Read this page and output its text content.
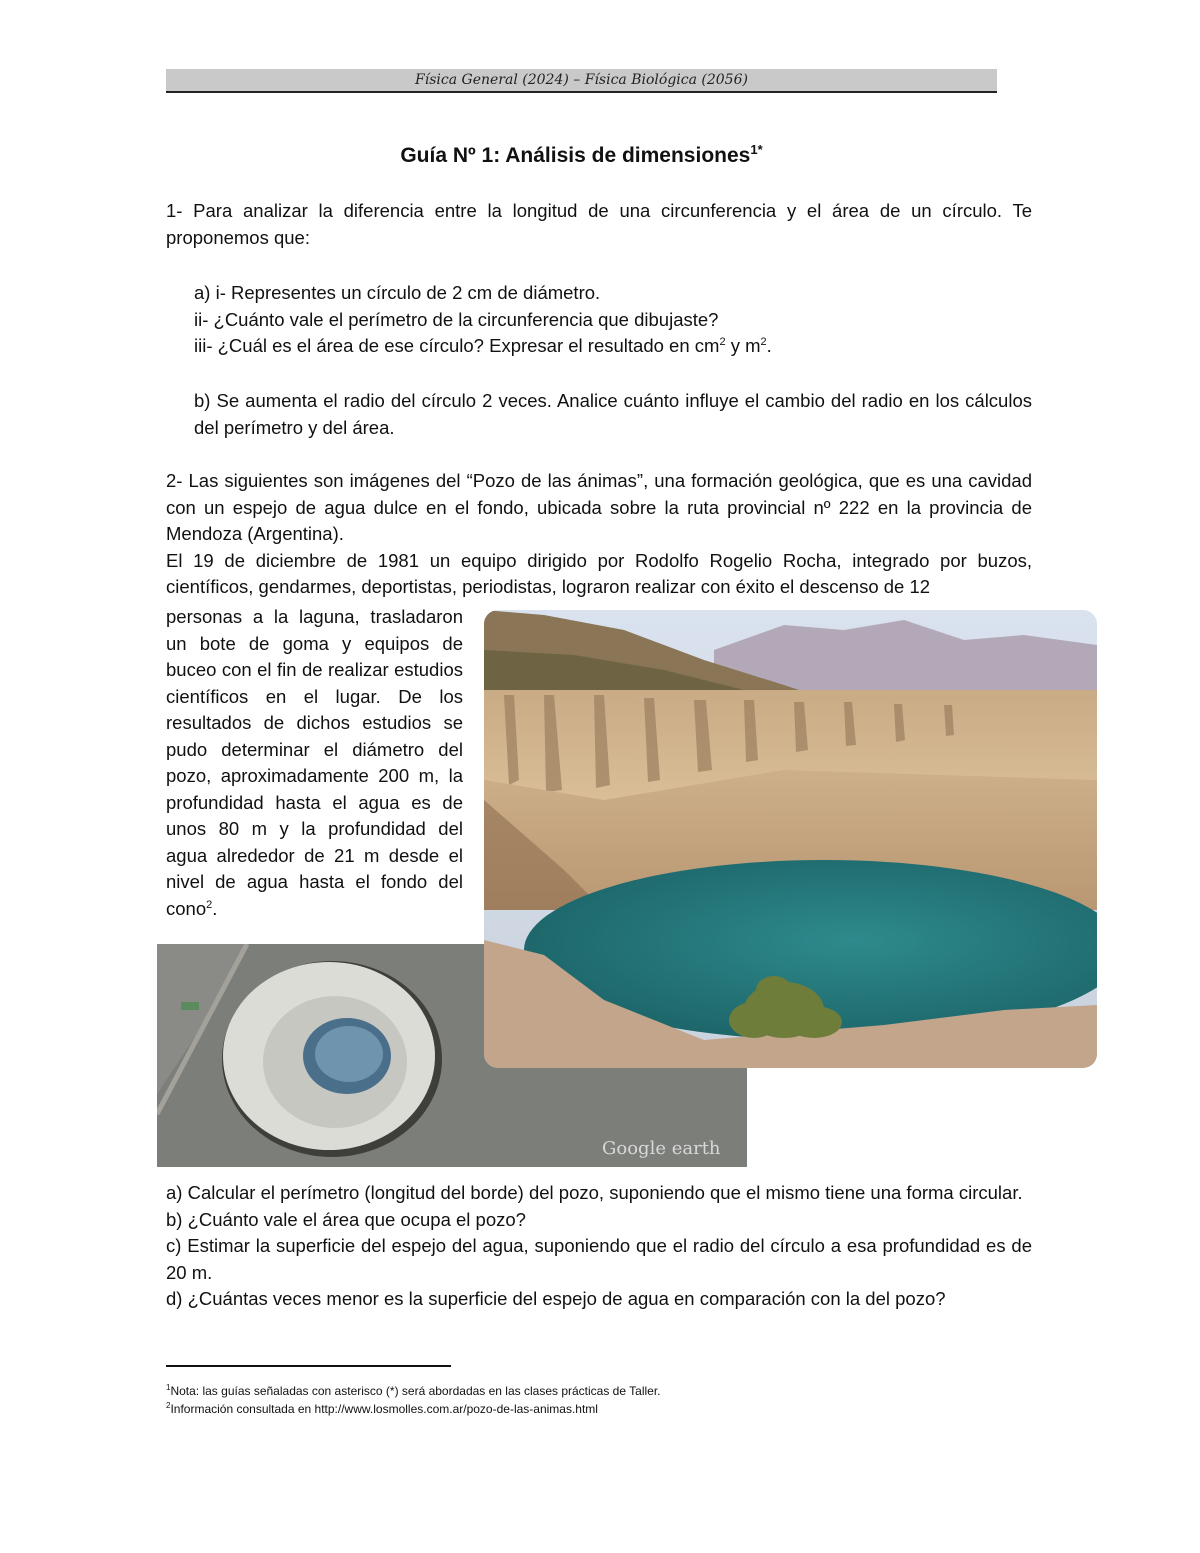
Física General (2024) – Física Biológica (2056)
Guía Nº 1: Análisis de dimensiones$^{1*}$
1- Para analizar la diferencia entre la longitud de una circunferencia y el área de un círculo. Te proponemos que:
a) i- Representes un círculo de 2 cm de diámetro.
ii- ¿Cuánto vale el perímetro de la circunferencia que dibujaste?
iii- ¿Cuál es el área de ese círculo? Expresar el resultado en $cm^2$ y $m^2$.
b) Se aumenta el radio del círculo 2 veces. Analice cuánto influye el cambio del radio en los cálculos del perímetro y del área.
2- Las siguientes son imágenes del “Pozo de las ánimas”, una formación geológica, que es una cavidad con un espejo de agua dulce en el fondo, ubicada sobre la ruta provincial nº 222 en la provincia de Mendoza (Argentina).
El 19 de diciembre de 1981 un equipo dirigido por Rodolfo Rogelio Rocha, integrado por buzos, científicos, gendarmes, deportistas, periodistas, lograron realizar con éxito el descenso de 12
personas a la laguna, trasladaron un bote de goma y equipos de buceo con el fin de realizar estudios científicos en el lugar. De los resultados de dichos estudios se pudo determinar el diámetro del pozo, aproximadamente 200 m, la profundidad hasta el agua es de unos 80 m y la profundidad del agua alrededor de 21 m desde el nivel de agua hasta el fondo del cono$^2$.
Google earth
a) Calcular el perímetro (longitud del borde) del pozo, suponiendo que el mismo tiene una forma circular.
b) ¿Cuánto vale el área que ocupa el pozo?
c) Estimar la superficie del espejo del agua, suponiendo que el radio del círculo a esa profundidad es de 20 m.
d) ¿Cuántas veces menor es la superficie del espejo de agua en comparación con la del pozo?
$^1$Nota: las guías señaladas con asterisco (*) será abordadas en las clases prácticas de Taller.
$^2$Información consultada en http://www.losmolles.com.ar/pozo-de-las-animas.html
